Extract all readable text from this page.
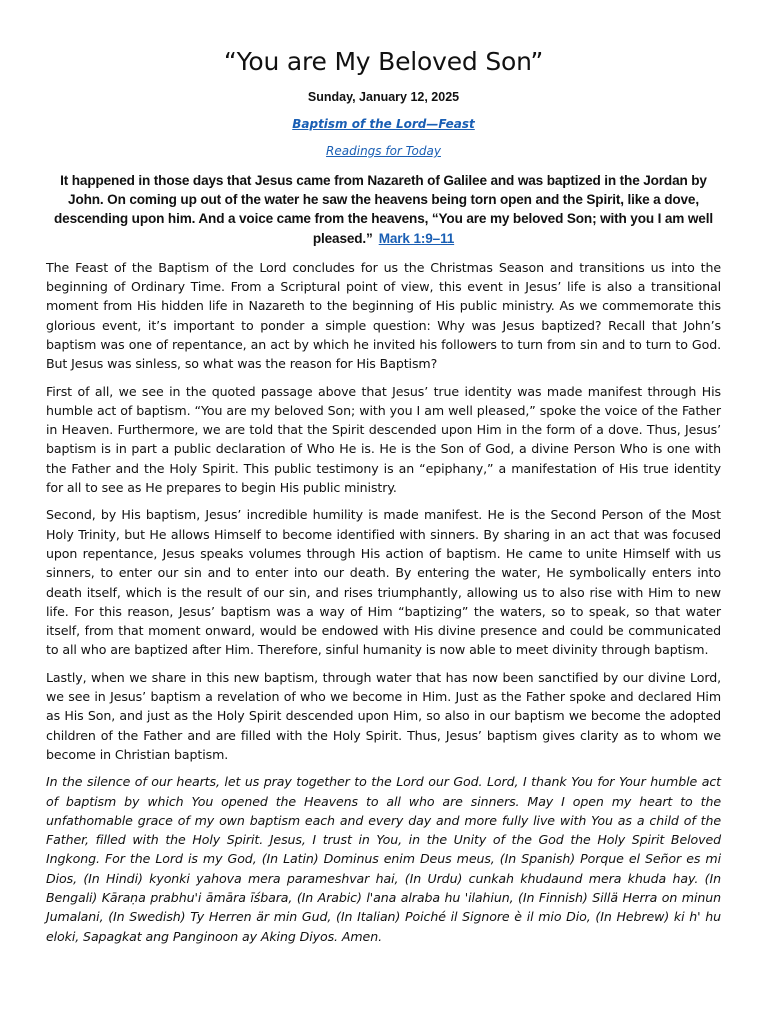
“You are My Beloved Son”
Sunday, January 12, 2025
Baptism of the Lord—Feast
Readings for Today

It happened in those days that Jesus came from Nazareth of Galilee and was baptized in the Jordan by John. On coming up out of the water he saw the heavens being torn open and the Spirit, like a dove, descending upon him. And a voice came from the heavens, “You are my beloved Son; with you I am well pleased.” Mark 1:9–11

The Feast of the Baptism of the Lord concludes for us the Christmas Season and transitions us into the beginning of Ordinary Time. From a Scriptural point of view, this event in Jesus’ life is also a transitional moment from His hidden life in Nazareth to the beginning of His public ministry. As we commemorate this glorious event, it’s important to ponder a simple question: Why was Jesus baptized? Recall that John’s baptism was one of repentance, an act by which he invited his followers to turn from sin and to turn to God. But Jesus was sinless, so what was the reason for His Baptism?

First of all, we see in the quoted passage above that Jesus’ true identity was made manifest through His humble act of baptism. “You are my beloved Son; with you I am well pleased,” spoke the voice of the Father in Heaven. Furthermore, we are told that the Spirit descended upon Him in the form of a dove. Thus, Jesus’ baptism is in part a public declaration of Who He is. He is the Son of God, a divine Person Who is one with the Father and the Holy Spirit. This public testimony is an “epiphany,” a manifestation of His true identity for all to see as He prepares to begin His public ministry.

Second, by His baptism, Jesus’ incredible humility is made manifest. He is the Second Person of the Most Holy Trinity, but He allows Himself to become identified with sinners. By sharing in an act that was focused upon repentance, Jesus speaks volumes through His action of baptism. He came to unite Himself with us sinners, to enter our sin and to enter into our death. By entering the water, He symbolically enters into death itself, which is the result of our sin, and rises triumphantly, allowing us to also rise with Him to new life. For this reason, Jesus’ baptism was a way of Him “baptizing” the waters, so to speak, so that water itself, from that moment onward, would be endowed with His divine presence and could be communicated to all who are baptized after Him. Therefore, sinful humanity is now able to meet divinity through baptism.

Lastly, when we share in this new baptism, through water that has now been sanctified by our divine Lord, we see in Jesus’ baptism a revelation of who we become in Him. Just as the Father spoke and declared Him as His Son, and just as the Holy Spirit descended upon Him, so also in our baptism we become the adopted children of the Father and are filled with the Holy Spirit. Thus, Jesus’ baptism gives clarity as to whom we become in Christian baptism.

In the silence of our hearts, let us pray together to the Lord our God. Lord, I thank You for Your humble act of baptism by which You opened the Heavens to all who are sinners. May I open my heart to the unfathomable grace of my own baptism each and every day and more fully live with You as a child of the Father, filled with the Holy Spirit. Jesus, I trust in You, in the Unity of the God the Holy Spirit Beloved Ingkong. For the Lord is my God, (In Latin) Dominus enim Deus meus, (In Spanish) Porque el Señor es mi Dios, (In Hindi) kyonki yahova mera parameshvar hai, (In Urdu) cunkah khudaund mera khuda hay. (In Bengali) Kāraṇa prabhu'i āmāra īśbara, (In Arabic) l'ana alraba hu 'ilahiun, (In Finnish) Sillä Herra on minun Jumalani, (In Swedish) Ty Herren är min Gud, (In Italian) Poiché il Signore è il mio Dio, (In Hebrew) ki h' hu eloki, Sapagkat ang Panginoon ay Aking Diyos. Amen.
